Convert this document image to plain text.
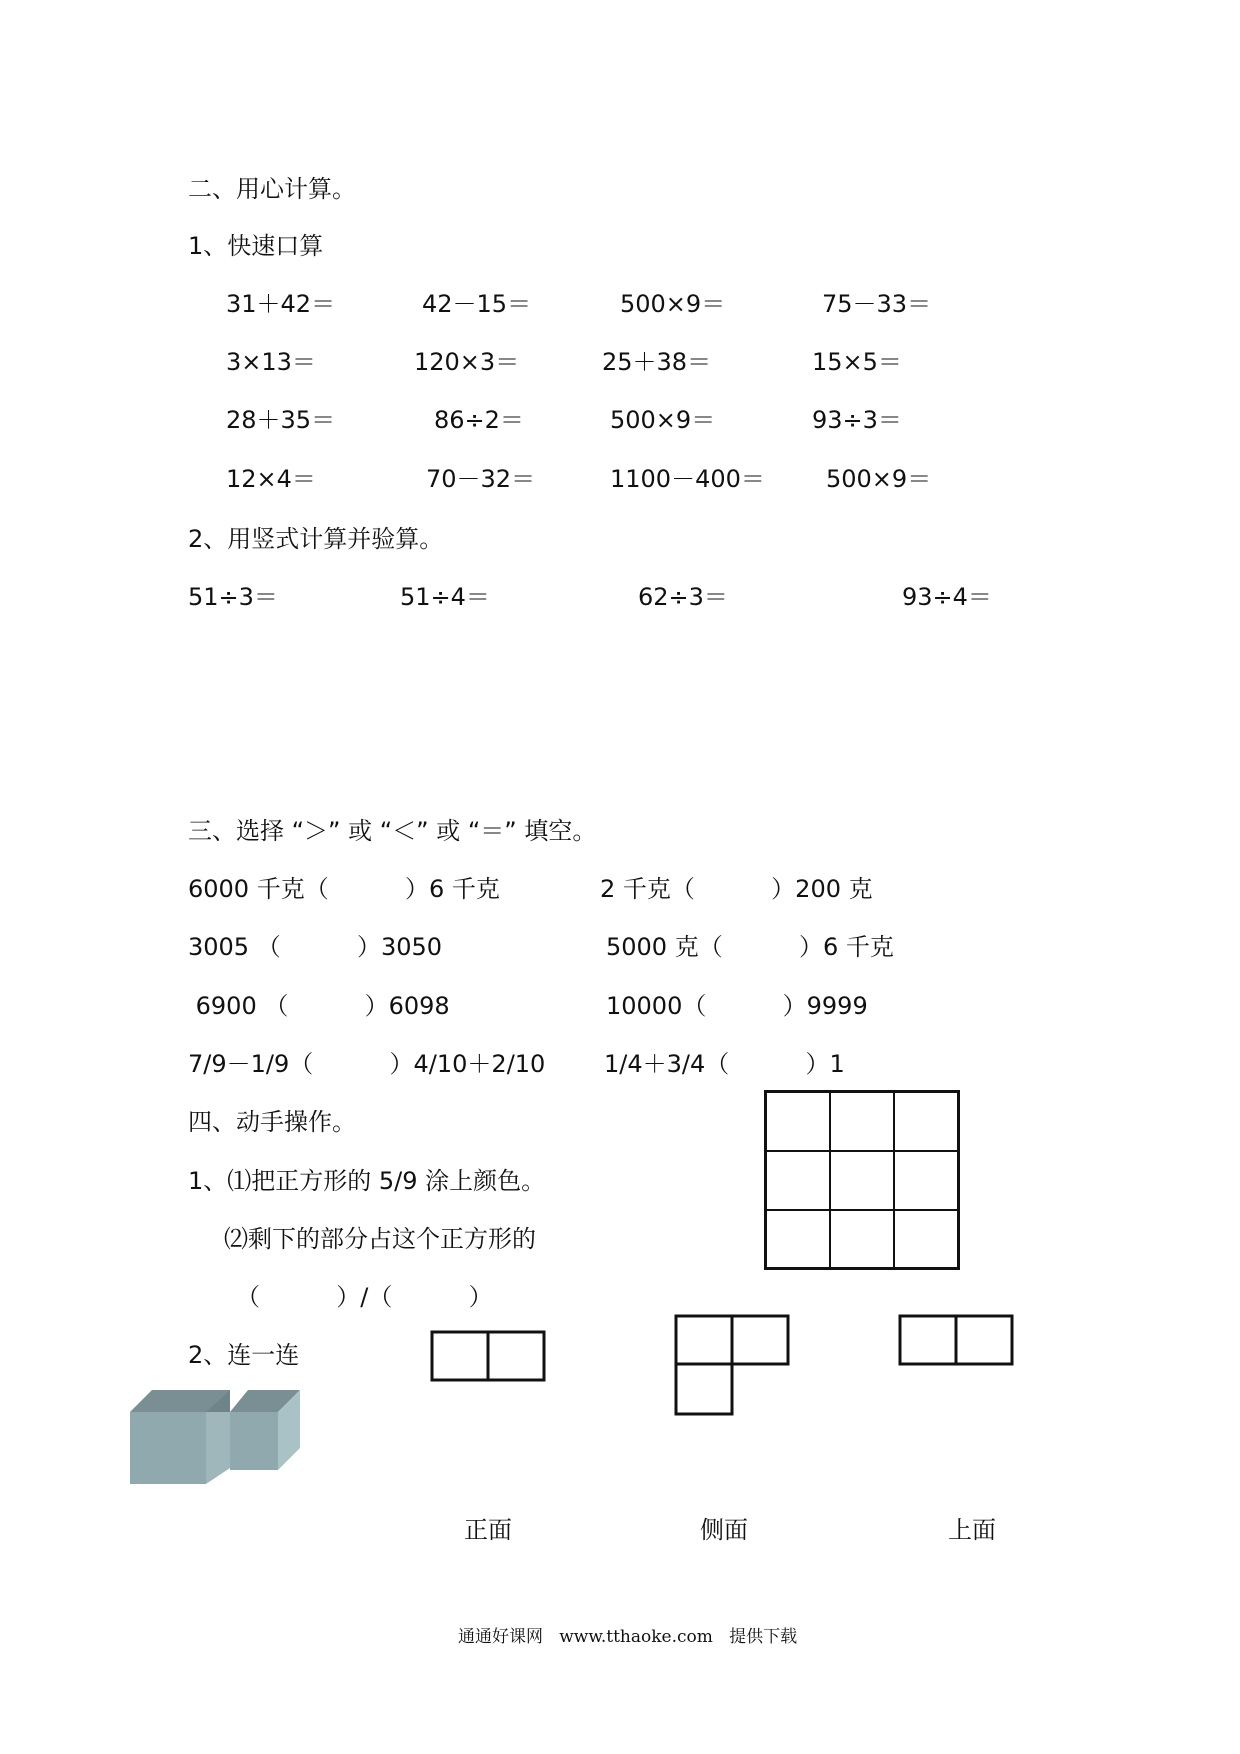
二、用心计算。
1、快速口算
31＋42＝	42－15＝	500×9＝	75－33＝
3×13＝	120×3＝	25＋38＝	15×5＝
28＋35＝	86÷2＝	500×9＝	93÷3＝
12×4＝	70－32＝	1100－400＝	500×9＝
2、用竖式计算并验算。
51÷3＝	51÷4＝	62÷3＝	93÷4＝
三、选择 “＞” 或 “＜” 或 “＝” 填空。
6000 千克（          ）6 千克	2 千克（          ）200 克
3005 （          ）3050	5000 克（          ）6 千克
6900 （          ）6098	10000（          ）9999
7/9－1/9（          ）4/10＋2/10 1/4＋3/4（          ）1
四、动手操作。
1、⑴把正方形的 5/9 涂上颜色。
⑵剩下的部分占这个正方形的
（          ）/（          ）
2、连一连
正面	侧面	上面
通通好课网   www.tthaoke.com   提供下载
